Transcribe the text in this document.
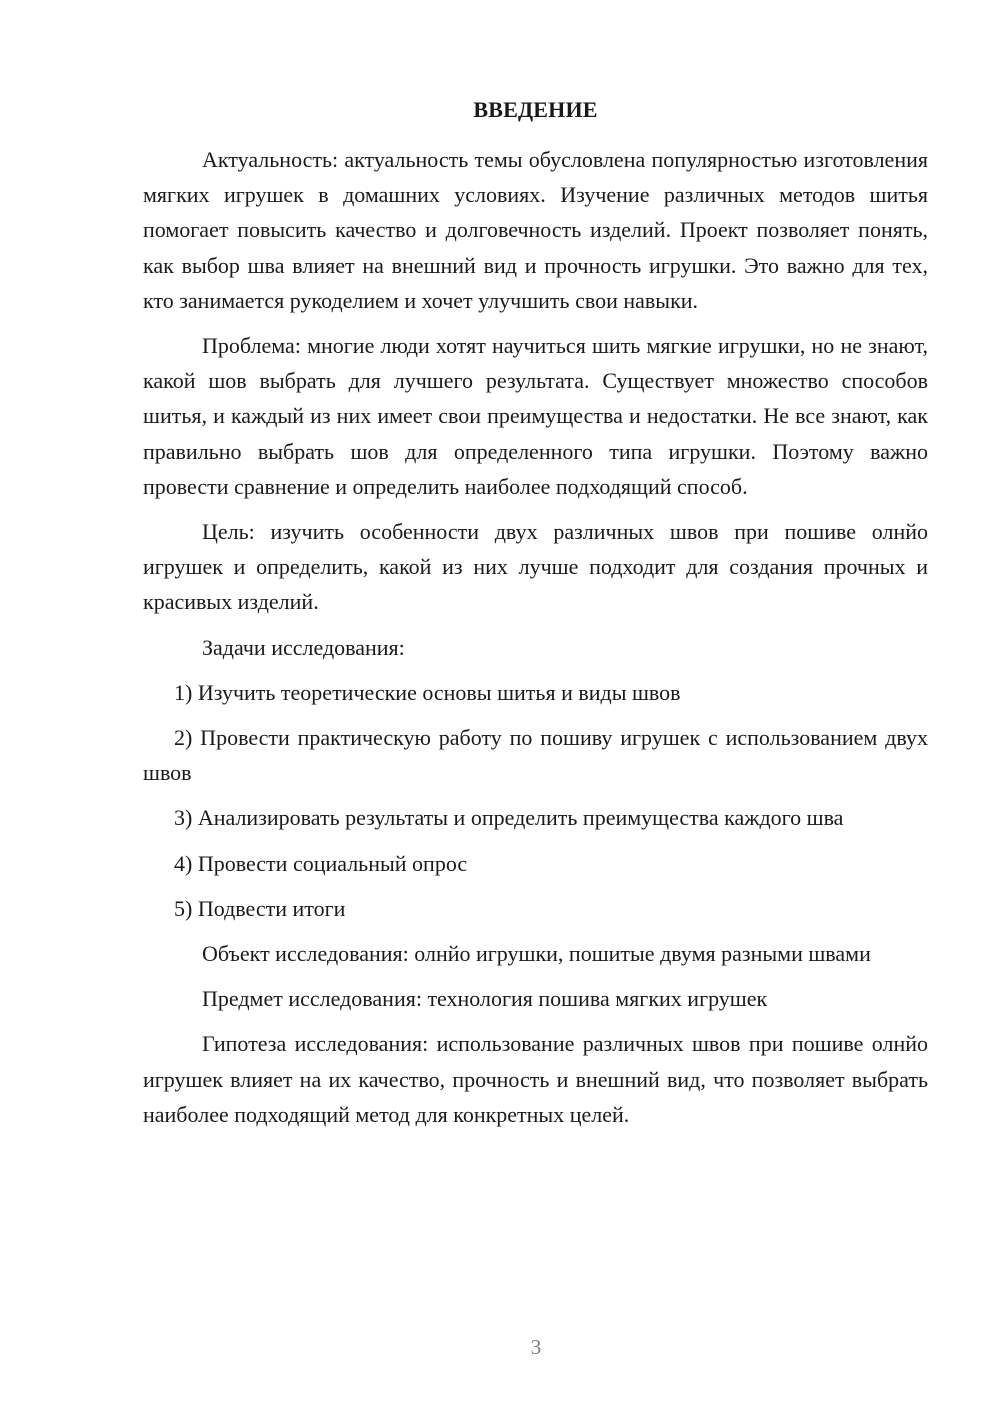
ВВЕДЕНИЕ

Актуальность: актуальность темы обусловлена популярностью изготовления мягких игрушек в домашних условиях. Изучение различных методов шитья помогает повысить качество и долговечность изделий. Проект позволяет понять, как выбор шва влияет на внешний вид и прочность игрушки. Это важно для тех, кто занимается рукоделием и хочет улучшить свои навыки.

Проблема: многие люди хотят научиться шить мягкие игрушки, но не знают, какой шов выбрать для лучшего результата. Существует множество способов шитья, и каждый из них имеет свои преимущества и недостатки. Не все знают, как правильно выбрать шов для определенного типа игрушки. Поэтому важно провести сравнение и определить наиболее подходящий способ.

Цель: изучить особенности двух различных швов при пошиве олнйо игрушек и определить, какой из них лучше подходит для создания прочных и красивых изделий.

Задачи исследования:

1) Изучить теоретические основы шитья и виды швов

2) Провести практическую работу по пошиву игрушек с использованием двух швов

3) Анализировать результаты и определить преимущества каждого шва

4) Провести социальный опрос

5) Подвести итоги

Объект исследования: олнйо игрушки, пошитые двумя разными швами

Предмет исследования: технология пошива мягких игрушек

Гипотеза исследования: использование различных швов при пошиве олнйо игрушек влияет на их качество, прочность и внешний вид, что позволяет выбрать наиболее подходящий метод для конкретных целей.

3
